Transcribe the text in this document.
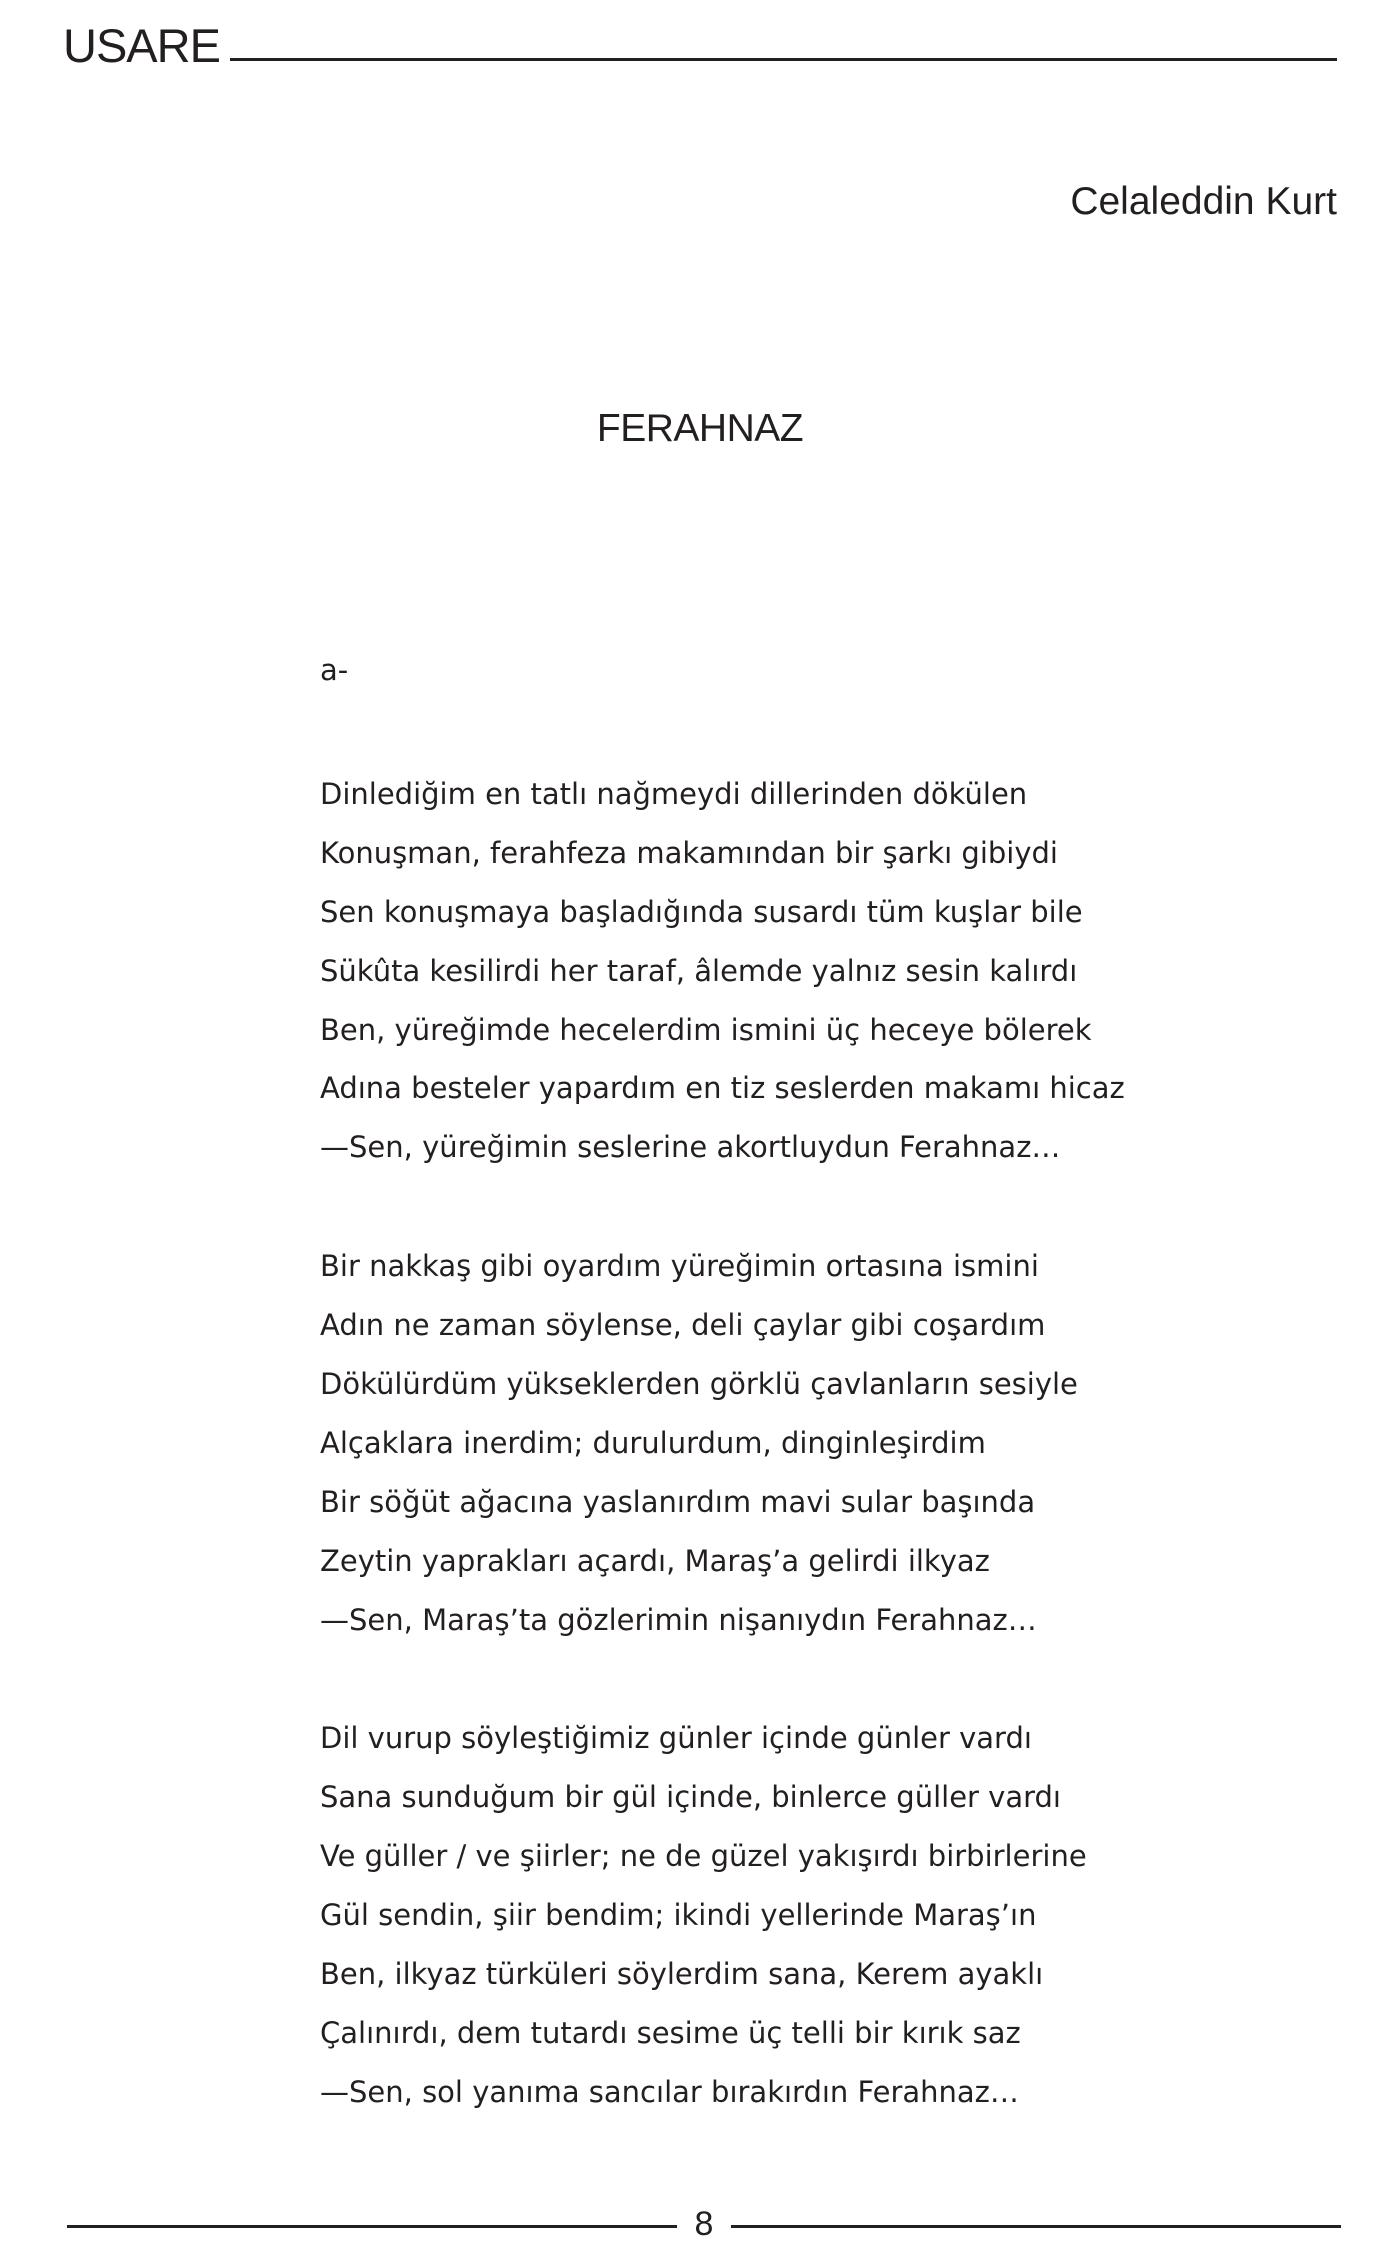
USARE
Celaleddin Kurt
FERAHNAZ
a-
Dinlediğim en tatlı nağmeydi dillerinden dökülen
Konuşman, ferahfeza makamından bir şarkı gibiydi
Sen konuşmaya başladığında susardı tüm kuşlar bile
Sükûta kesilirdi her taraf, âlemde yalnız sesin kalırdı
Ben, yüreğimde hecelerdim ismini üç heceye bölerek
Adına besteler yapardım en tiz seslerden makamı hicaz
—Sen, yüreğimin seslerine akortluydun Ferahnaz…
Bir nakkaş gibi oyardım yüreğimin ortasına ismini
Adın ne zaman söylense, deli çaylar gibi coşardım
Dökülürdüm yükseklerden görklü çavlanların sesiyle
Alçaklara inerdim; durulurdum, dinginleşirdim
Bir söğüt ağacına yaslanırdım mavi sular başında
Zeytin yaprakları açardı, Maraş’a gelirdi ilkyaz
—Sen, Maraş’ta gözlerimin nişanıydın Ferahnaz…
Dil vurup söyleştiğimiz günler içinde günler vardı
Sana sunduğum bir gül içinde, binlerce güller vardı
Ve güller / ve şiirler; ne de güzel yakışırdı birbirlerine
Gül sendin, şiir bendim; ikindi yellerinde Maraş’ın
Ben, ilkyaz türküleri söylerdim sana, Kerem ayaklı
Çalınırdı, dem tutardı sesime üç telli bir kırık saz
—Sen, sol yanıma sancılar bırakırdın Ferahnaz…
8
